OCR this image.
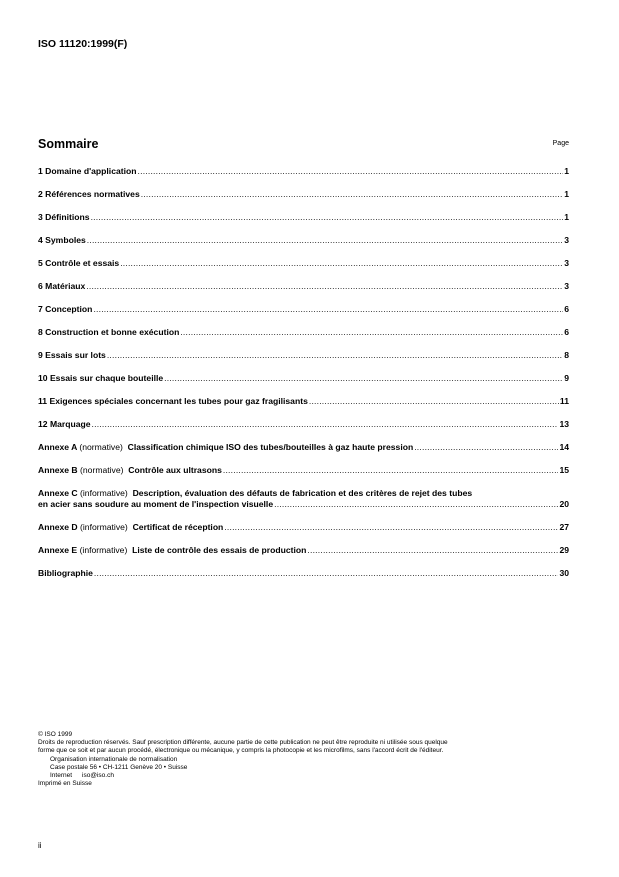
ISO 11120:1999(F)
Sommaire	Page
1 Domaine d'application .....	1
2 Références normatives .....	1
3 Définitions .....	1
4 Symboles .....	3
5 Contrôle et essais .....	3
6 Matériaux .....	3
7 Conception .....	6
8 Construction et bonne exécution .....	6
9 Essais sur lots .....	8
10 Essais sur chaque bouteille .....	9
11 Exigences spéciales concernant les tubes pour gaz fragilisants .....	11
12 Marquage .....	13
Annexe A (normative) Classification chimique ISO des tubes/bouteilles à gaz haute pression .....	14
Annexe B (normative) Contrôle aux ultrasons .....	15
Annexe C (informative) Description, évaluation des défauts de fabrication et des critères de rejet des tubes
en acier sans soudure au moment de l'inspection visuelle .....	20
Annexe D (informative) Certificat de réception .....	27
Annexe E (informative) Liste de contrôle des essais de production .....	29
Bibliographie .....	30
© ISO 1999
Droits de reproduction réservés. Sauf prescription différente, aucune partie de cette publication ne peut être reproduite ni utilisée sous quelque
forme que ce soit et par aucun procédé, électronique ou mécanique, y compris la photocopie et les microfilms, sans l'accord écrit de l'éditeur.
Organisation internationale de normalisation
Case postale 56 • CH-1211 Genève 20 • Suisse
Internet iso@iso.ch
Imprimé en Suisse
ii
